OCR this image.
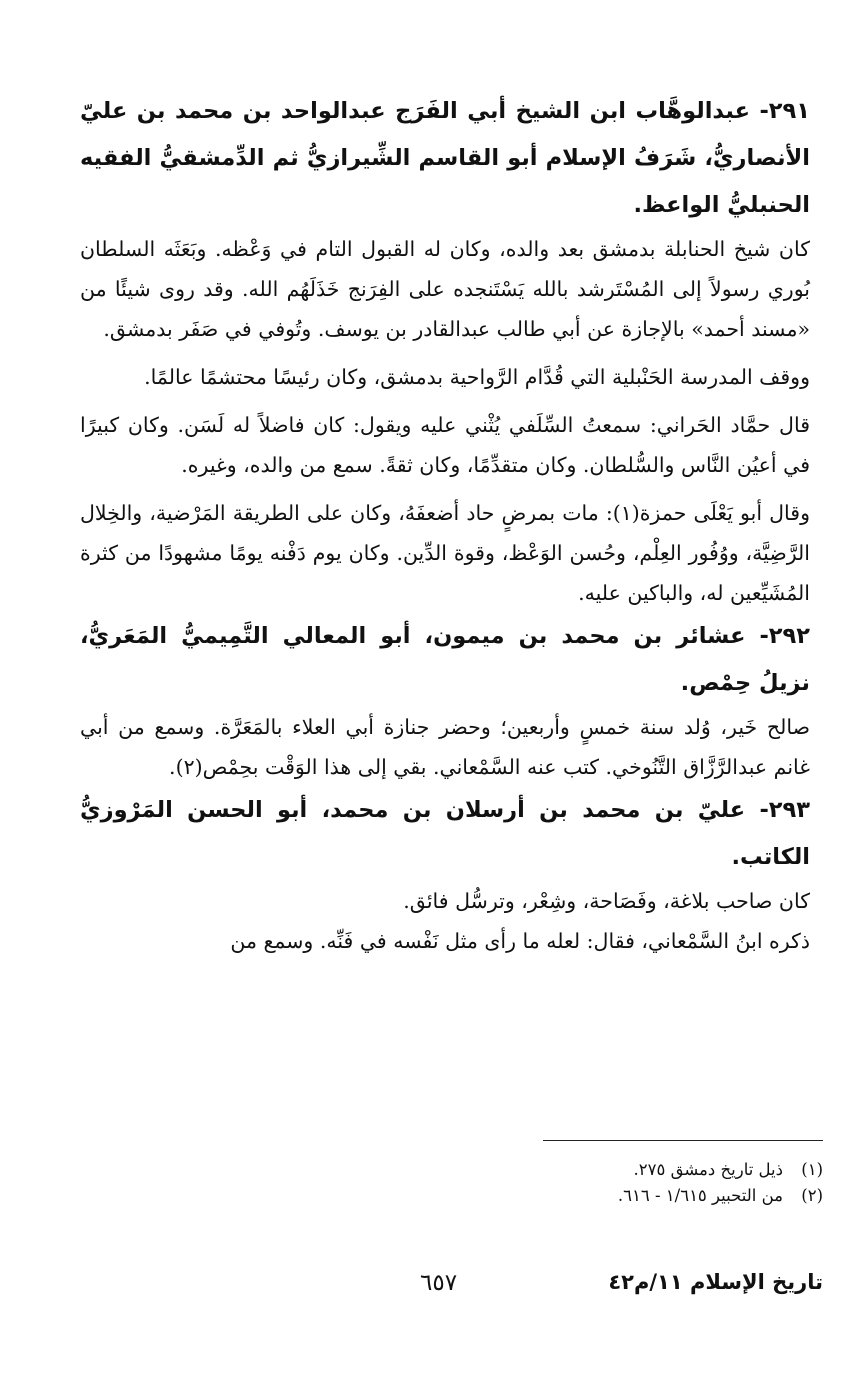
٢٩١- عبدالوهَّاب ابن الشيخ أبي الفَرَج عبدالواحد بن محمد بن عليّ الأنصاريُّ، شَرَفُ الإسلام أبو القاسم الشِّيرازيُّ ثم الدِّمشقيُّ الفقيه الحنبليُّ الواعظ.

كان شيخ الحنابلة بدمشق بعد والده، وكان له القبول التام في وَعْظه. وبَعَثَه السلطان بُوري رسولاً إلى المُسْتَرشد بالله يَسْتَنجده على الفِرَنج خَذَلَهُم الله. وقد روى شيئًا من «مسند أحمد» بالإجازة عن أبي طالب عبدالقادر بن يوسف. وتُوفي في صَفَر بدمشق.

ووقف المدرسة الحَنْبلية التي قُدَّام الرَّواحية بدمشق، وكان رئيسًا محتشمًا عالمًا.

قال حمَّاد الحَراني: سمعتُ السِّلَفي يُثْني عليه ويقول: كان فاضلاً له لَسَن. وكان كبيرًا في أعيُن النَّاس والسُّلطان. وكان متقدِّمًا، وكان ثقةً. سمع من والده، وغيره.

وقال أبو يَعْلَى حمزة(١): مات بمرضٍ حاد أضعفَهُ، وكان على الطريقة المَرْضية، والخِلال الرَّضِيَّة، ووُفُور العِلْم، وحُسن الوَعْظ، وقوة الدِّين. وكان يوم دَفْنه يومًا مشهودًا من كثرة المُشَيِّعين له، والباكين عليه.

٢٩٢- عشائر بن محمد بن ميمون، أبو المعالي التَّمِيميُّ المَعَريُّ، نزيلُ حِمْص.

صالح خَير، وُلد سنة خمسٍ وأربعين؛ وحضر جنازة أبي العلاء بالمَعَرَّة. وسمع من أبي غانم عبدالرَّزَّاق التَّنُوخي. كتب عنه السَّمْعاني. بقي إلى هذا الوَقْت بحِمْص(٢).

٢٩٣- عليّ بن محمد بن أرسلان بن محمد، أبو الحسن المَرْوزيُّ الكاتب.

كان صاحب بلاغة، وفَصَاحة، وشِعْر، وترسُّل فائق.

ذكره ابنُ السَّمْعاني، فقال: لعله ما رأى مثل نَفْسه في فَنِّه. وسمع من

(١)
ذيل تاريخ دمشق ٢٧٥.
(٢)
من التحبير ١/٦١٥ - ٦١٦.
تاريخ الإسلام ١١/م٤٢
٦٥٧
